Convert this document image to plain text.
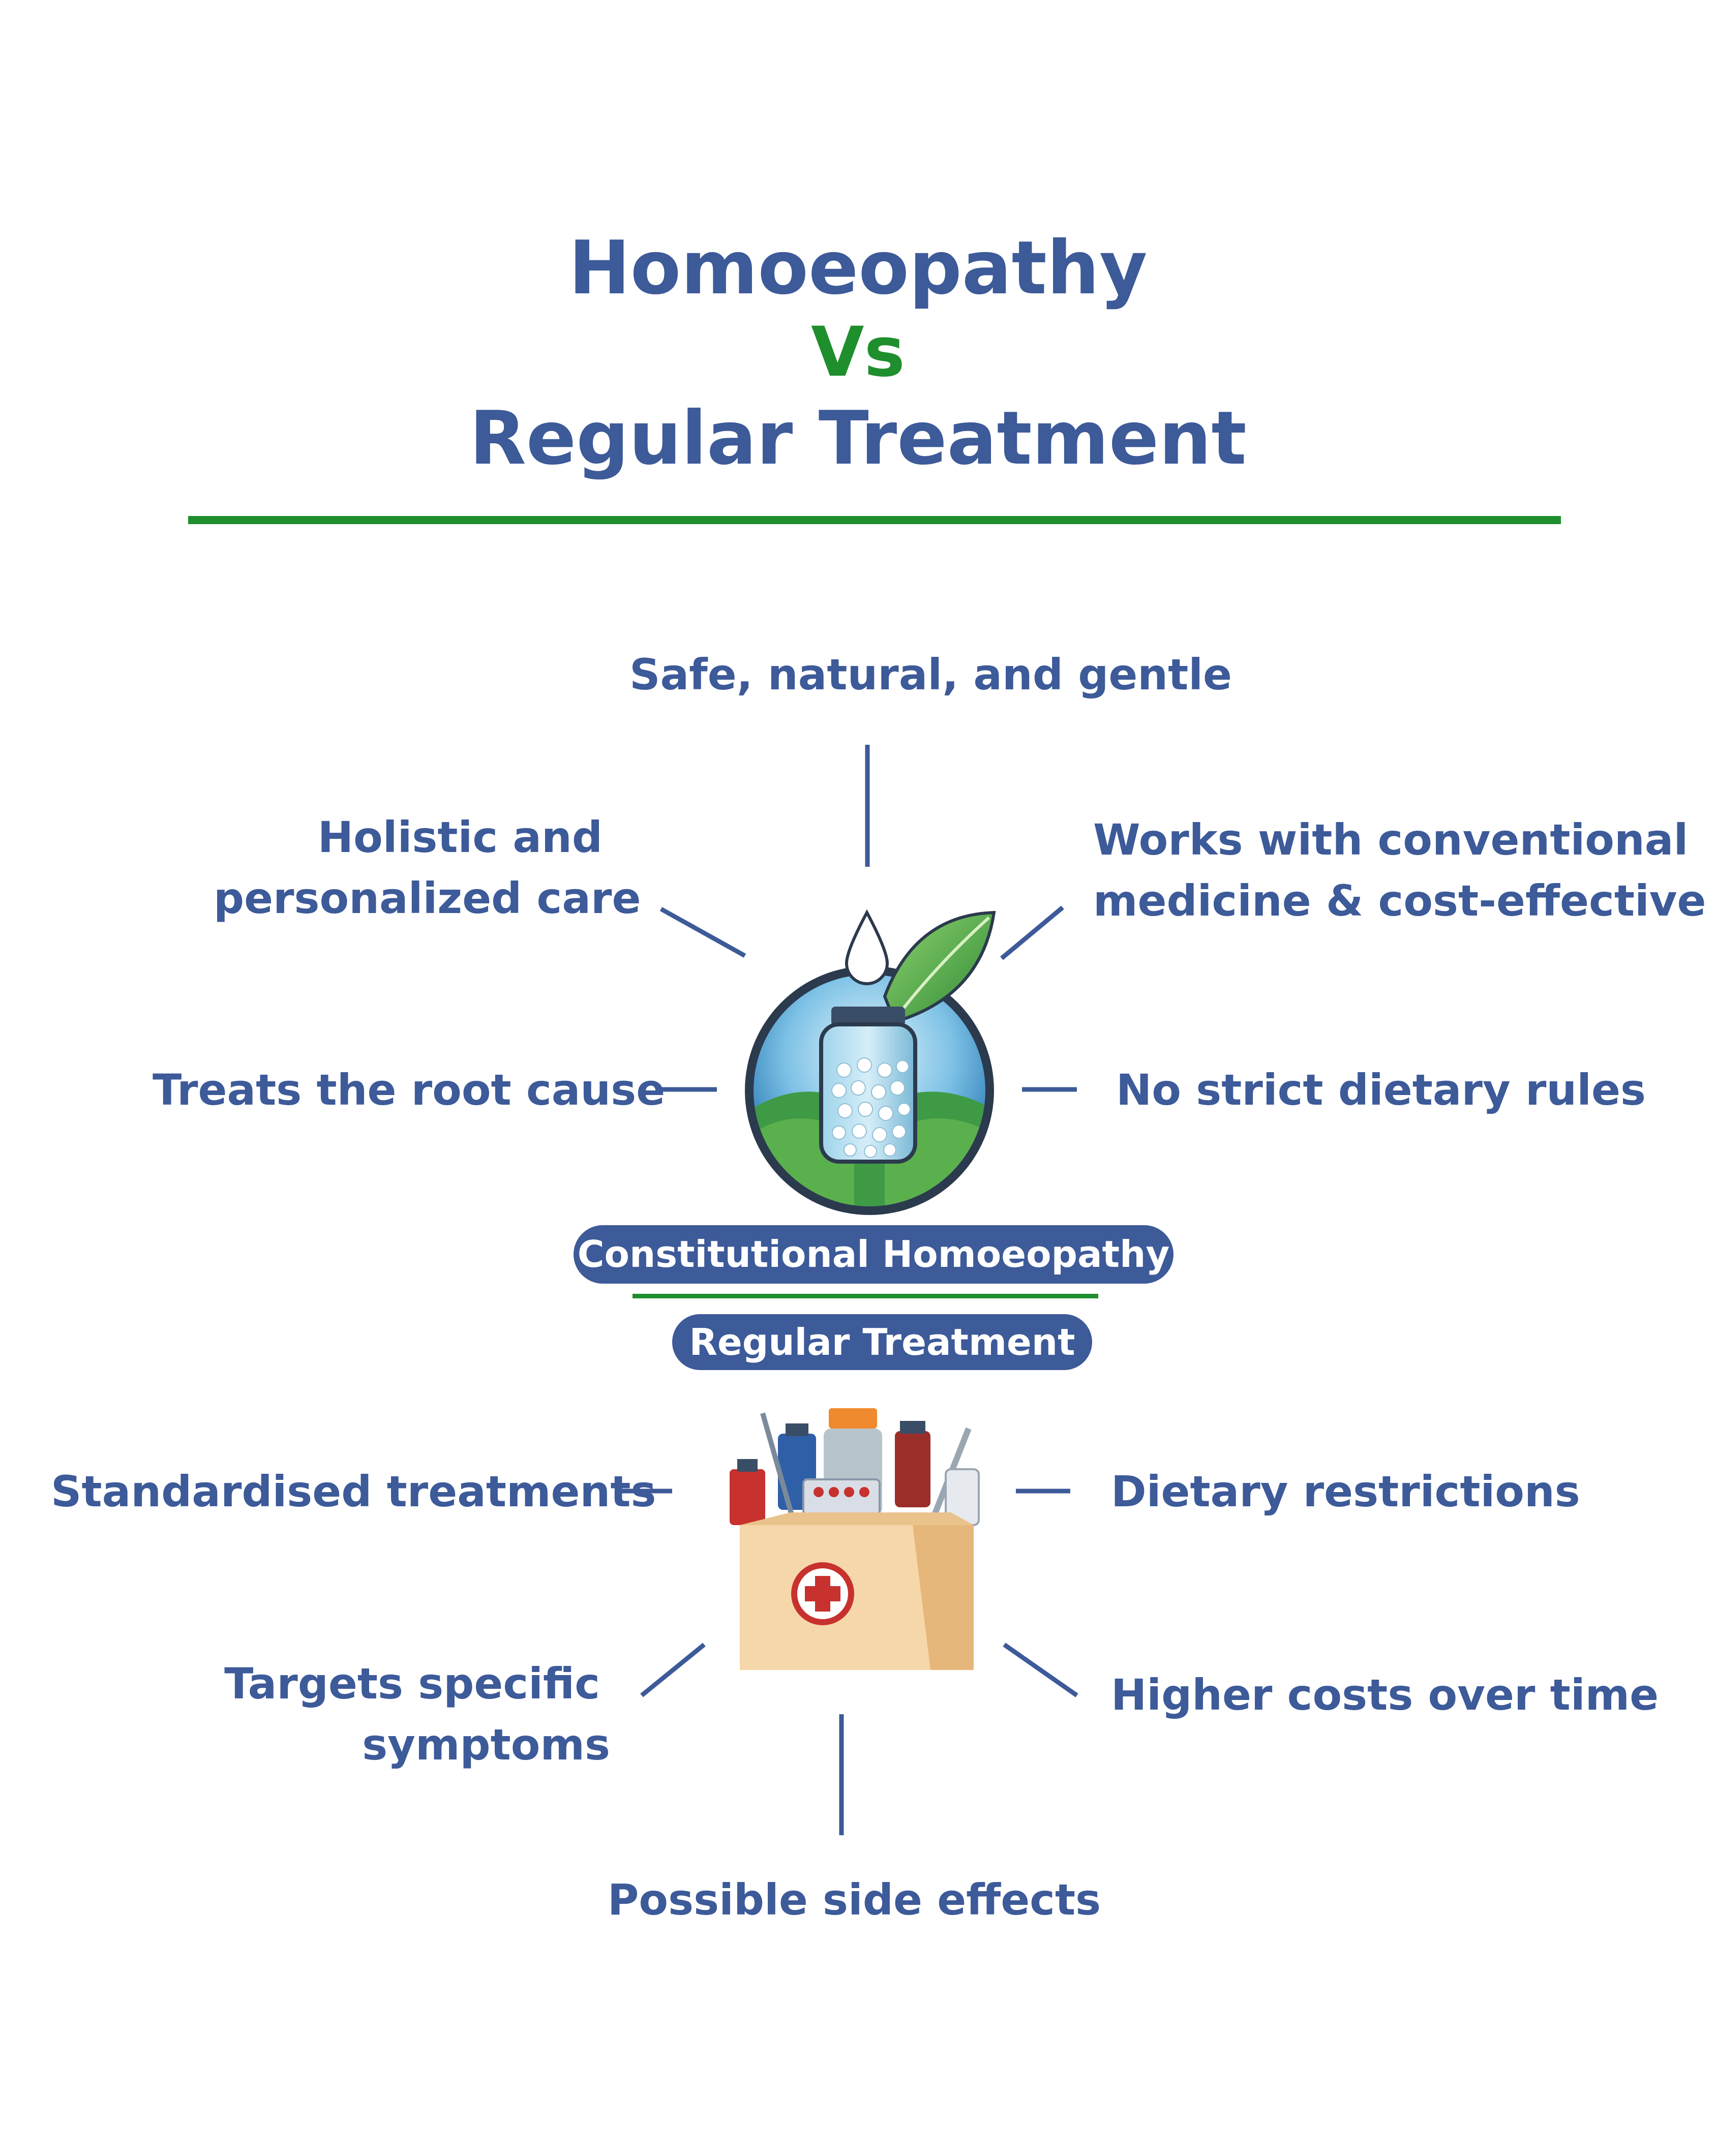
Homoeopathy
Vs
Regular Treatment
Safe, natural, and gentle
Holistic and
personalized care
Works with conventional
medicine & cost-effective
Treats the root cause	No strict dietary rules
Constitutional Homoeopathy
Regular Treatment
Standardised treatments	Dietary restrictions
Targets specific
symptoms
Higher costs over time
Possible side effects
